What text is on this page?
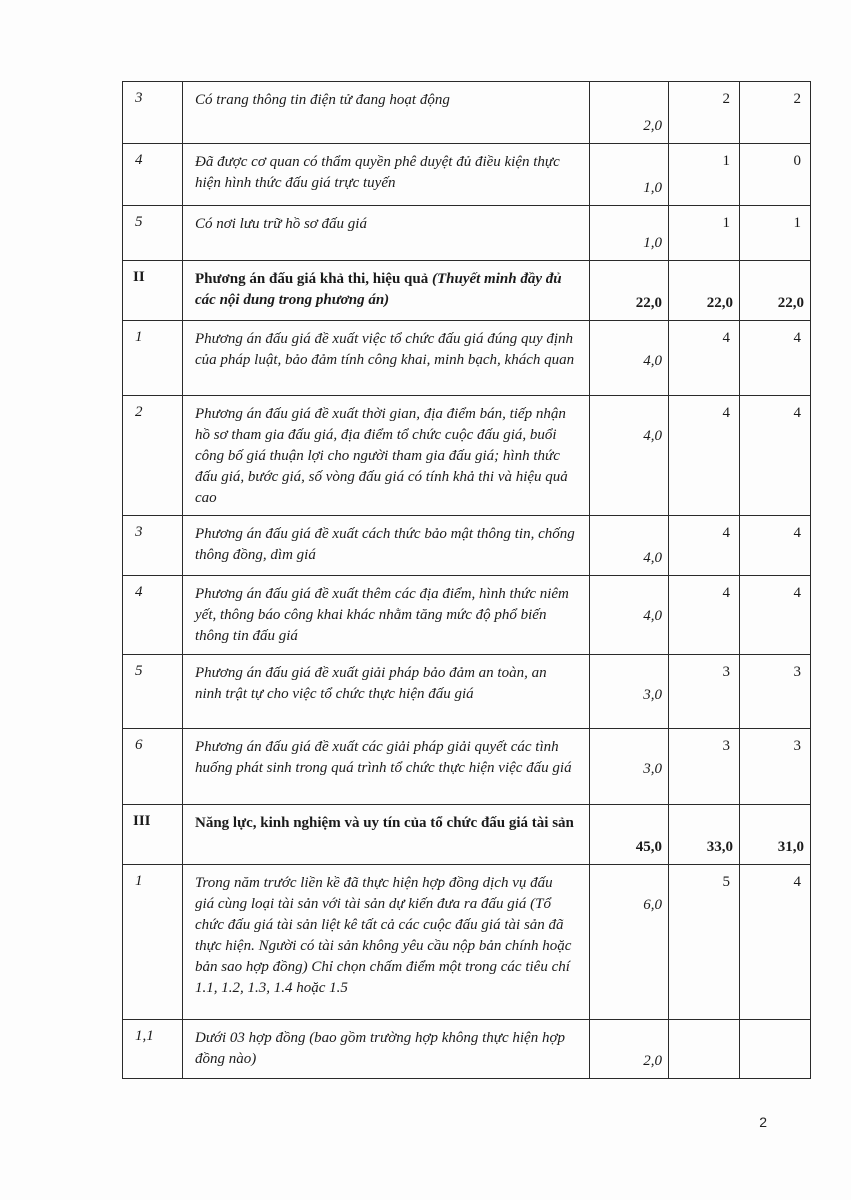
3	Có trang thông tin điện tử đang hoạt động	2,0	2	2

4	Đã được cơ quan có thẩm quyền phê duyệt đủ điều kiện thực hiện hình thức đấu giá trực tuyến	1,0	1	0

5	Có nơi lưu trữ hồ sơ đấu giá	1,0	1	1

II	Phương án đấu giá khả thi, hiệu quả (Thuyết minh đầy đủ các nội dung trong phương án)	22,0	22,0	22,0

1	Phương án đấu giá đề xuất việc tổ chức đấu giá đúng quy định của pháp luật, bảo đảm tính công khai, minh bạch, khách quan	4,0	4	4

2	Phương án đấu giá đề xuất thời gian, địa điểm bán, tiếp nhận hồ sơ tham gia đấu giá, địa điểm tổ chức cuộc đấu giá, buổi công bố giá thuận lợi cho người tham gia đấu giá; hình thức đấu giá, bước giá, số vòng đấu giá có tính khả thi và hiệu quả cao	4,0	4	4

3	Phương án đấu giá đề xuất cách thức bảo mật thông tin, chống thông đồng, dìm giá	4,0	4	4

4	Phương án đấu giá đề xuất thêm các địa điểm, hình thức niêm yết, thông báo công khai khác nhằm tăng mức độ phổ biến thông tin đấu giá	4,0	4	4

5	Phương án đấu giá đề xuất giải pháp bảo đảm an toàn, an ninh trật tự cho việc tổ chức thực hiện đấu giá	3,0	3	3

6	Phương án đấu giá đề xuất các giải pháp giải quyết các tình huống phát sinh trong quá trình tổ chức thực hiện việc đấu giá	3,0	3	3

III	Năng lực, kinh nghiệm và uy tín của tổ chức đấu giá tài sản	45,0	33,0	31,0

1	Trong năm trước liền kề đã thực hiện hợp đồng dịch vụ đấu giá cùng loại tài sản với tài sản dự kiến đưa ra đấu giá (Tổ chức đấu giá tài sản liệt kê tất cả các cuộc đấu giá tài sản đã thực hiện. Người có tài sản không yêu cầu nộp bản chính hoặc bản sao hợp đồng) Chỉ chọn chấm điểm một trong các tiêu chí 1.1, 1.2, 1.3, 1.4 hoặc 1.5	6,0	5	4

1,1	Dưới 03 hợp đồng (bao gồm trường hợp không thực hiện hợp đồng nào)	2,0		

2
